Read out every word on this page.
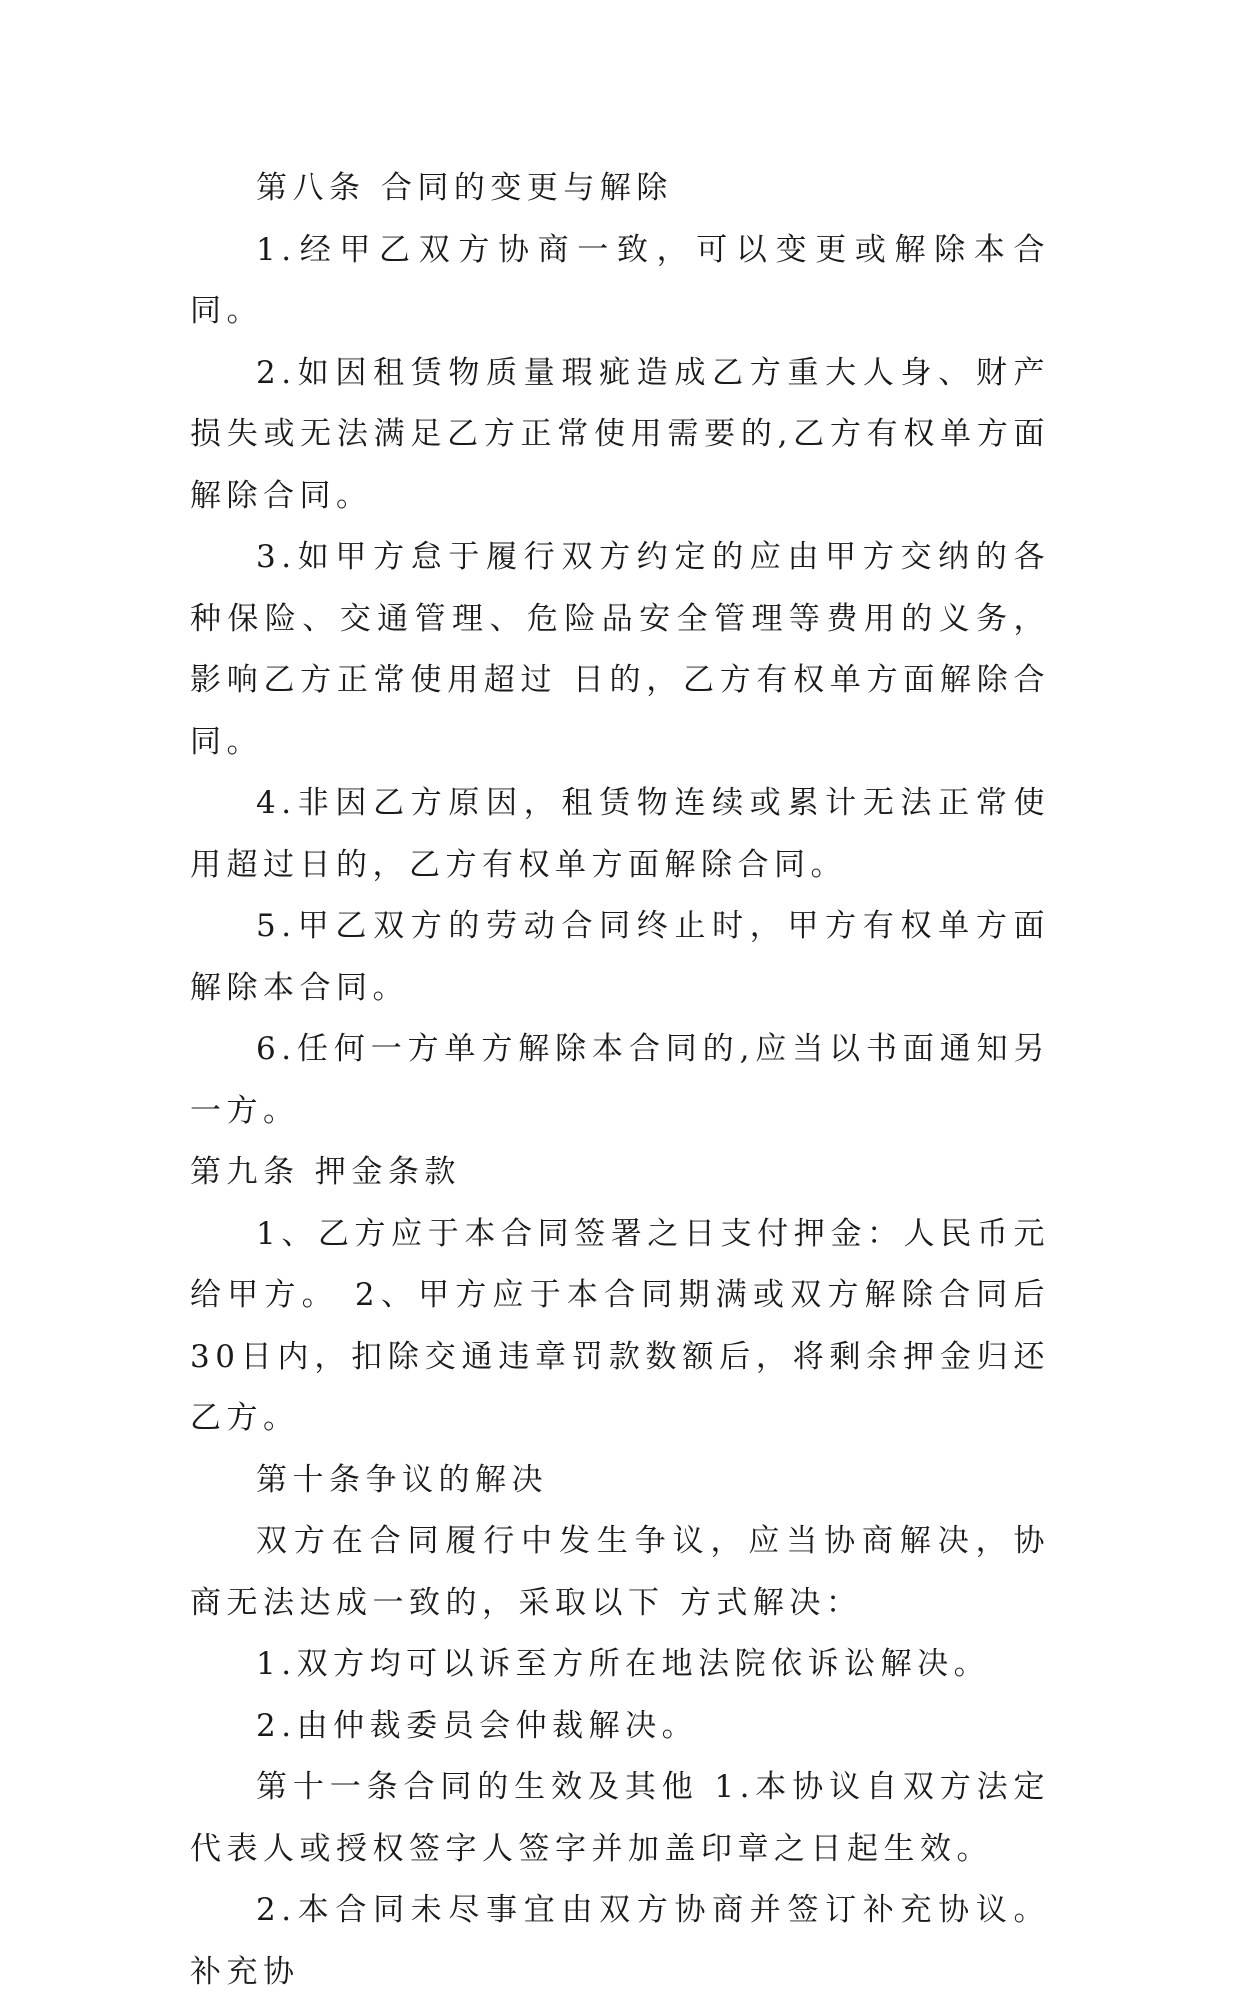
第八条 合同的变更与解除

1.经甲乙双方协商一致，可以变更或解除本合同。

2.如因租赁物质量瑕疵造成乙方重大人身、财产损失或无法满足乙方正常使用需要的,乙方有权单方面解除合同。

3.如甲方怠于履行双方约定的应由甲方交纳的各种保险、交通管理、危险品安全管理等费用的义务，影响乙方正常使用超过 日的，乙方有权单方面解除合同。

4.非因乙方原因，租赁物连续或累计无法正常使用超过日的，乙方有权单方面解除合同。

5.甲乙双方的劳动合同终止时，甲方有权单方面解除本合同。

6.任何一方单方解除本合同的,应当以书面通知另一方。

第九条 押金条款

1、乙方应于本合同签署之日支付押金：人民币元给甲方。 2、甲方应于本合同期满或双方解除合同后30日内，扣除交通违章罚款数额后，将剩余押金归还乙方。

第十条争议的解决

双方在合同履行中发生争议，应当协商解决，协商无法达成一致的，采取以下 方式解决：

1.双方均可以诉至方所在地法院依诉讼解决。

2.由仲裁委员会仲裁解决。

第十一条合同的生效及其他 1.本协议自双方法定代表人或授权签字人签字并加盖印章之日起生效。

2.本合同未尽事宜由双方协商并签订补充协议。补充协
